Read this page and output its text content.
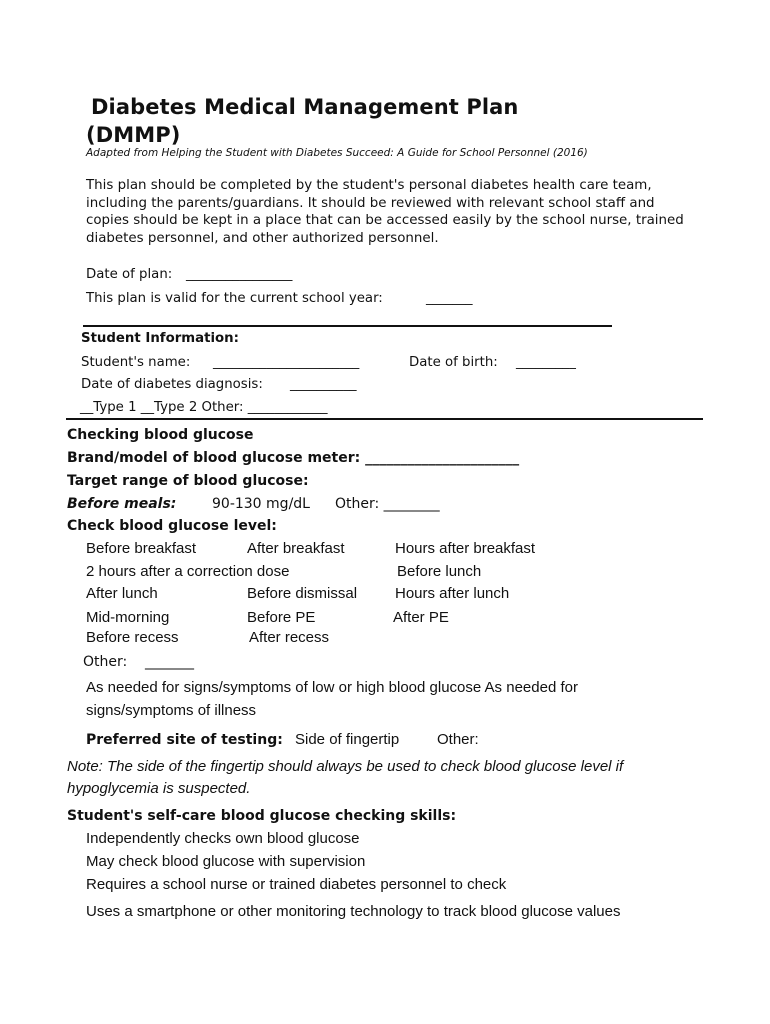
Diabetes Medical Management Plan
(DMMP)
Adapted from Helping the Student with Diabetes Succeed: A Guide for School Personnel (2016)
This plan should be completed by the student's personal diabetes health care team, including the parents/guardians. It should be reviewed with relevant school staff and copies should be kept in a place that can be accessed easily by the school nurse, trained diabetes personnel, and other authorized personnel.
Date of plan: ________________
This plan is valid for the current school year:	_______
Student Information:
Student's name: ______________________	Date of birth: _________
Date of diabetes diagnosis: __________
__Type 1 __Type 2 Other: ____________
Checking blood glucose
Brand/model of blood glucose meter: ______________________
Target range of blood glucose:
Before meals:	90-130 mg/dL Other: ________
Check blood glucose level:
Before breakfast	After breakfast	Hours after breakfast
2 hours after a correction dose	Before lunch
After lunch	Before dismissal	Hours after lunch
Mid-morning	Before PE	After PE
Before recess	After recess
Other: _______
As needed for signs/symptoms of low or high blood glucose As needed for
signs/symptoms of illness
Preferred site of testing: Side of fingertip	Other:
Note: The side of the fingertip should always be used to check blood glucose level if
hypoglycemia is suspected.
Student's self-care blood glucose checking skills:
Independently checks own blood glucose
May check blood glucose with supervision
Requires a school nurse or trained diabetes personnel to check
Uses a smartphone or other monitoring technology to track blood glucose values
